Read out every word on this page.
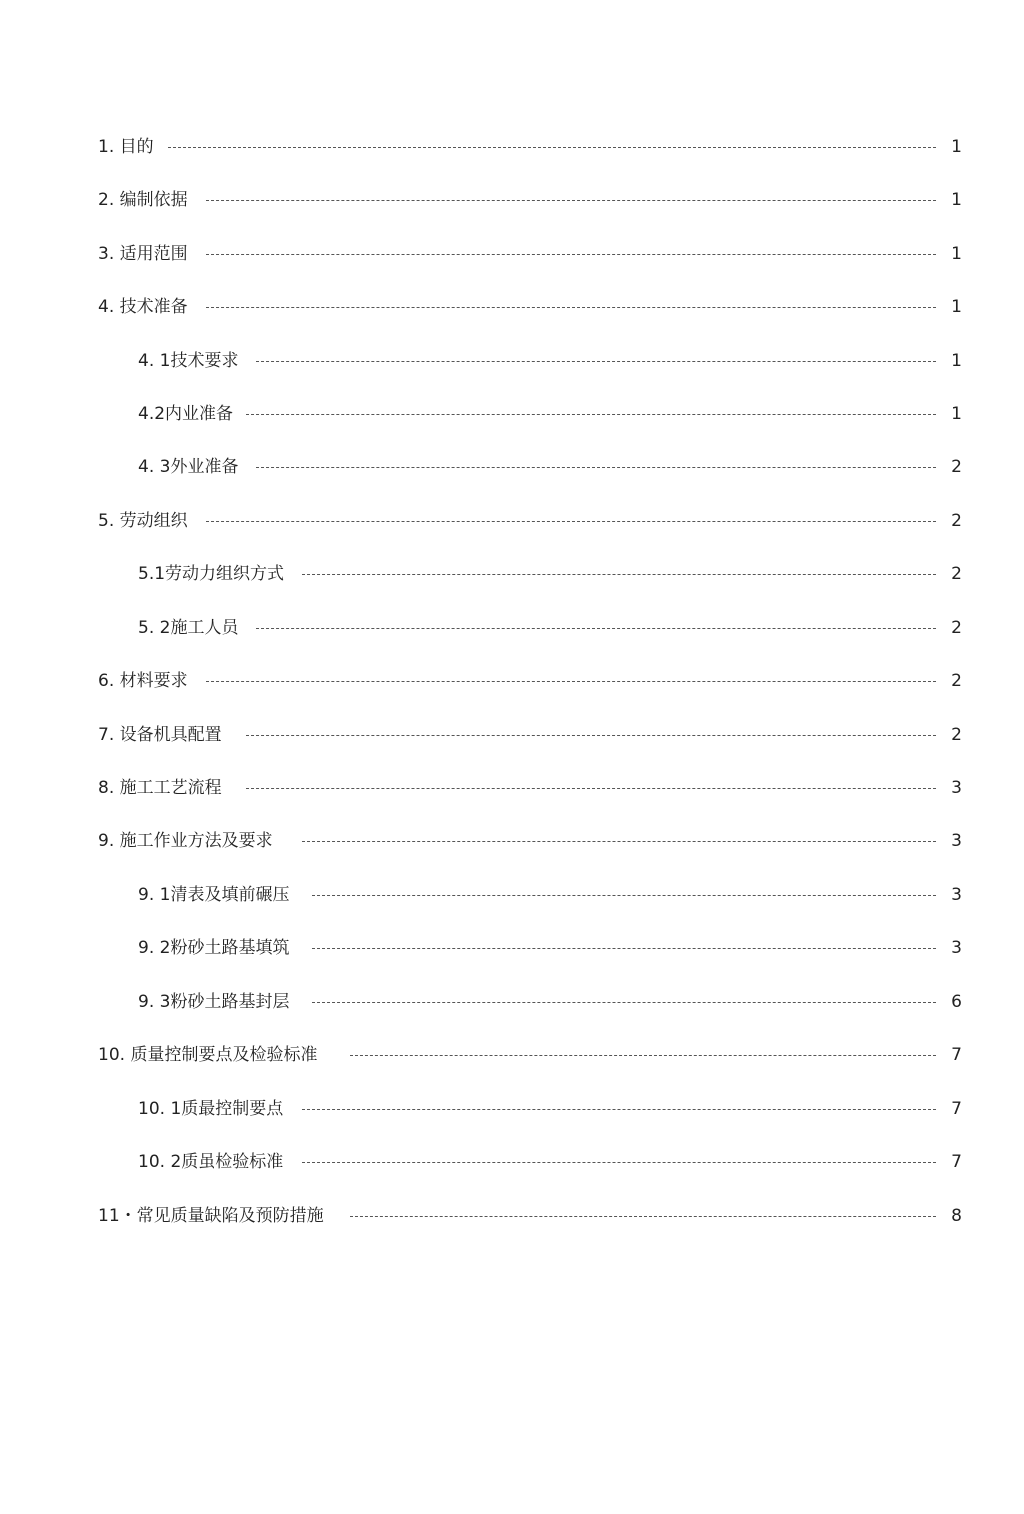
1. 目的	1
2. 编制依据	1
3. 适用范围	1
4. 技术准备	1
4. 1技术要求	1
4.2内业准备	1
4. 3外业准备	2
5. 劳动组织	2
5.1劳动力组织方式	2
5. 2施工人员	2
6. 材料要求	2
7. 设备机具配置	2
8. 施工工艺流程	3
9. 施工作业方法及要求	3
9. 1清表及填前碾压	3
9. 2粉砂土路基填筑	3
9. 3粉砂土路基封层	6
10. 质量控制要点及检验标准	7
10. 1质最控制要点	7
10. 2质虽检验标准	7
11・常见质量缺陷及预防措施	8
